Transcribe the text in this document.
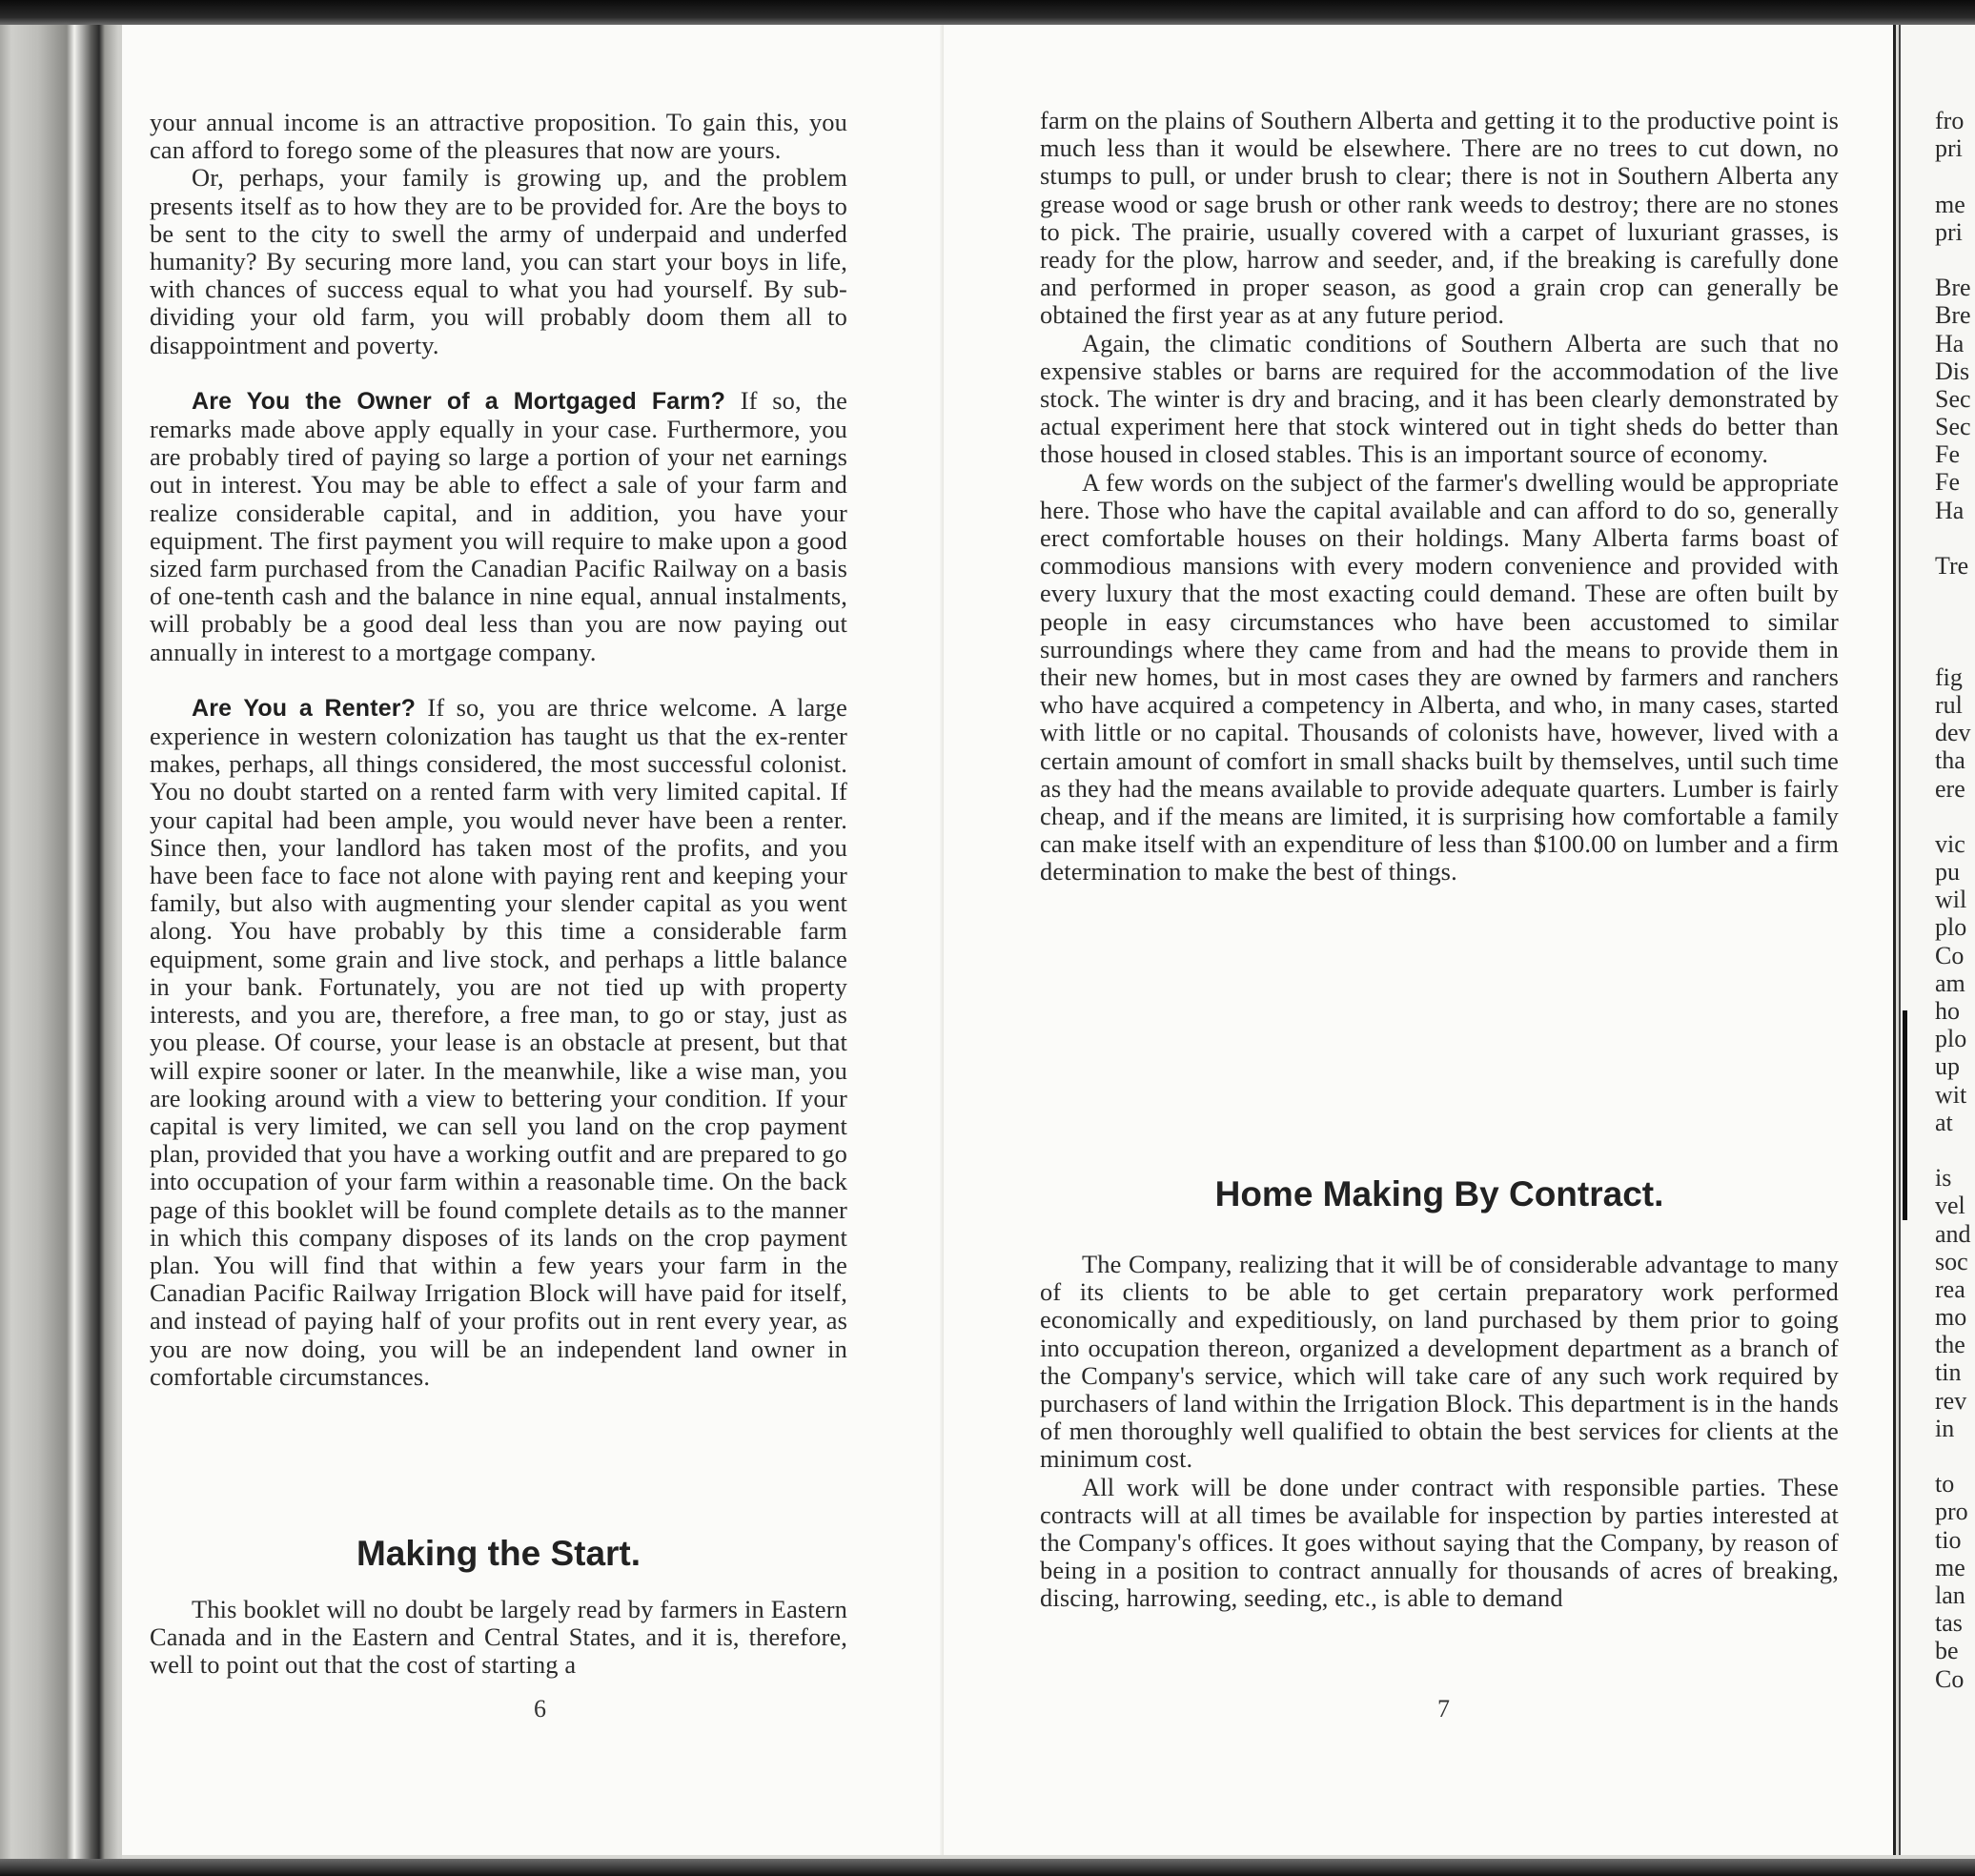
your annual income is an attractive proposition. To gain this, you can afford to forego some of the pleasures that now are yours.

Or, perhaps, your family is growing up, and the problem presents itself as to how they are to be provided for. Are the boys to be sent to the city to swell the army of underpaid and underfed humanity? By securing more land, you can start your boys in life, with chances of success equal to what you had yourself. By sub-dividing your old farm, you will probably doom them all to disappointment and poverty.

Are You the Owner of a Mortgaged Farm? If so, the remarks made above apply equally in your case. Furthermore, you are probably tired of paying so large a portion of your net earnings out in interest. You may be able to effect a sale of your farm and realize considerable capital, and in addition, you have your equipment. The first payment you will require to make upon a good sized farm purchased from the Canadian Pacific Railway on a basis of one-tenth cash and the balance in nine equal, annual instalments, will probably be a good deal less than you are now paying out annually in interest to a mortgage company.

Are You a Renter? If so, you are thrice welcome. A large experience in western colonization has taught us that the ex-renter makes, perhaps, all things considered, the most successful colonist. You no doubt started on a rented farm with very limited capital. If your capital had been ample, you would never have been a renter. Since then, your landlord has taken most of the profits, and you have been face to face not alone with paying rent and keeping your family, but also with augmenting your slender capital as you went along. You have probably by this time a considerable farm equipment, some grain and live stock, and perhaps a little balance in your bank. Fortunately, you are not tied up with property interests, and you are, therefore, a free man, to go or stay, just as you please. Of course, your lease is an obstacle at present, but that will expire sooner or later. In the meanwhile, like a wise man, you are looking around with a view to bettering your condition. If your capital is very limited, we can sell you land on the crop payment plan, provided that you have a working outfit and are prepared to go into occupation of your farm within a reasonable time. On the back page of this booklet will be found complete details as to the manner in which this company disposes of its lands on the crop payment plan. You will find that within a few years your farm in the Canadian Pacific Railway Irrigation Block will have paid for itself, and instead of paying half of your profits out in rent every year, as you are now doing, you will be an independent land owner in comfortable circumstances.

Making the Start.

This booklet will no doubt be largely read by farmers in Eastern Canada and in the Eastern and Central States, and it is, therefore, well to point out that the cost of starting a

6

farm on the plains of Southern Alberta and getting it to the productive point is much less than it would be elsewhere. There are no trees to cut down, no stumps to pull, or under brush to clear; there is not in Southern Alberta any grease wood or sage brush or other rank weeds to destroy; there are no stones to pick. The prairie, usually covered with a carpet of luxuriant grasses, is ready for the plow, harrow and seeder, and, if the breaking is carefully done and performed in proper season, as good a grain crop can generally be obtained the first year as at any future period.

Again, the climatic conditions of Southern Alberta are such that no expensive stables or barns are required for the accommodation of the live stock. The winter is dry and bracing, and it has been clearly demonstrated by actual experiment here that stock wintered out in tight sheds do better than those housed in closed stables. This is an important source of economy.

A few words on the subject of the farmer's dwelling would be appropriate here. Those who have the capital available and can afford to do so, generally erect comfortable houses on their holdings. Many Alberta farms boast of commodious mansions with every modern convenience and provided with every luxury that the most exacting could demand. These are often built by people in easy circumstances who have been accustomed to similar surroundings where they came from and had the means to provide them in their new homes, but in most cases they are owned by farmers and ranchers who have acquired a competency in Alberta, and who, in many cases, started with little or no capital. Thousands of colonists have, however, lived with a certain amount of comfort in small shacks built by themselves, until such time as they had the means available to provide adequate quarters. Lumber is fairly cheap, and if the means are limited, it is surprising how comfortable a family can make itself with an expenditure of less than $100.00 on lumber and a firm determination to make the best of things.

Home Making By Contract.

The Company, realizing that it will be of considerable advantage to many of its clients to be able to get certain preparatory work performed economically and expeditiously, on land purchased by them prior to going into occupation thereon, organized a development department as a branch of the Company's service, which will take care of any such work required by purchasers of land within the Irrigation Block. This department is in the hands of men thoroughly well qualified to obtain the best services for clients at the minimum cost.

All work will be done under contract with responsible parties. These contracts will at all times be available for inspection by parties interested at the Company's offices. It goes without saying that the Company, by reason of being in a position to contract annually for thousands of acres of breaking, discing, harrowing, seeding, etc., is able to demand

7
fro
pri
me
pri
Bre
Bre
Ha
Dis
Sec
Sec
Fe
Fe
Ha
Tre
fig
rul
dev
tha
ere
vic
pu
wil
plo
Co
am
ho
plo
up
wit
at
is
vel
and
soc
rea
mo
the
tin
rev
in
to
pro
tio
me
lan
tas
be
Co
